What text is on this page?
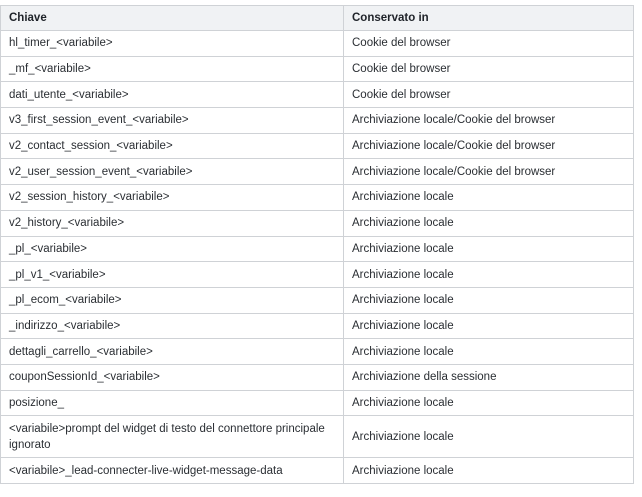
Chiave	Conservato in
hl_timer_<variabile>	Cookie del browser
_mf_<variabile>	Cookie del browser
dati_utente_<variabile>	Cookie del browser
v3_first_session_event_<variabile>	Archiviazione locale/Cookie del browser
v2_contact_session_<variabile>	Archiviazione locale/Cookie del browser
v2_user_session_event_<variabile>	Archiviazione locale/Cookie del browser
v2_session_history_<variabile>	Archiviazione locale
v2_history_<variabile>	Archiviazione locale
_pl_<variabile>	Archiviazione locale
_pl_v1_<variabile>	Archiviazione locale
_pl_ecom_<variabile>	Archiviazione locale
_indirizzo_<variabile>	Archiviazione locale
dettagli_carrello_<variabile>	Archiviazione locale
couponSessionId_<variabile>	Archiviazione della sessione
posizione_	Archiviazione locale
<variabile>prompt del widget di testo del connettore principale ignorato	Archiviazione locale
<variabile>_lead-connecter-live-widget-message-data	Archiviazione locale
